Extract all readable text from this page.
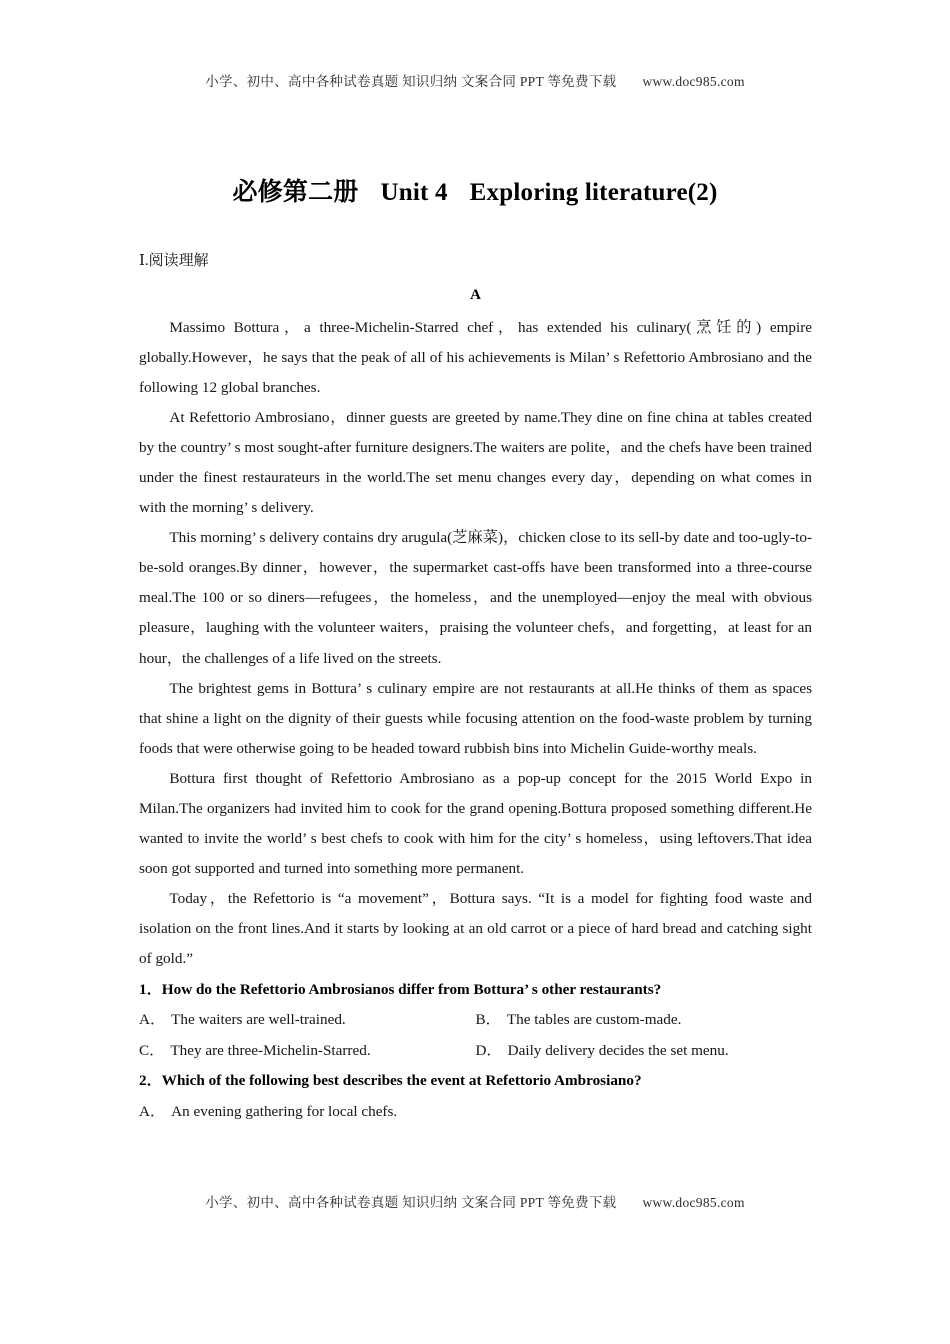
小学、初中、高中各种试卷真题 知识归纳 文案合同 PPT 等免费下载 www.doc985.com
必修第二册 Unit 4 Exploring literature(2)
Ⅰ.阅读理解
A

Massimo Bottura，a three-Michelin-Starred chef，has extended his culinary(烹饪的) empire globally.However，he says that the peak of all of his achievements is Milan’ s Refettorio Ambrosiano and the following 12 global branches.

At Refettorio Ambrosiano，dinner guests are greeted by name.They dine on fine china at tables created by the country’ s most sought-after furniture designers.The waiters are polite，and the chefs have been trained under the finest restaurateurs in the world.The set menu changes every day，depending on what comes in with the morning’ s delivery.

This morning’ s delivery contains dry arugula(芝麻菜)，chicken close to its sell-by date and too-ugly-to-be-sold oranges.By dinner，however，the supermarket cast-offs have been transformed into a three-course meal.The 100 or so diners—refugees，the homeless，and the unemployed—enjoy the meal with obvious pleasure，laughing with the volunteer waiters，praising the volunteer chefs，and forgetting，at least for an hour，the challenges of a life lived on the streets.

The brightest gems in Bottura’ s culinary empire are not restaurants at all.He thinks of them as spaces that shine a light on the dignity of their guests while focusing attention on the food-waste problem by turning foods that were otherwise going to be headed toward rubbish bins into Michelin Guide-worthy meals.

Bottura first thought of Refettorio Ambrosiano as a pop-up concept for the 2015 World Expo in Milan.The organizers had invited him to cook for the grand opening.Bottura proposed something different.He wanted to invite the world’ s best chefs to cook with him for the city’ s homeless，using leftovers.That idea soon got supported and turned into something more permanent.

Today，the Refettorio is “a movement”，Bottura says. “It is a model for fighting food waste and isolation on the front lines.And it starts by looking at an old carrot or a piece of hard bread and catching sight of gold.”

1．How do the Refettorio Ambrosianos differ from Bottura’ s other restaurants?
A． The waiters are well-trained.	B． The tables are custom-made.
C． They are three-Michelin-Starred.	D． Daily delivery decides the set menu.
2．Which of the following best describes the event at Refettorio Ambrosiano?
A． An evening gathering for local chefs.
小学、初中、高中各种试卷真题 知识归纳 文案合同 PPT 等免费下载 www.doc985.com
